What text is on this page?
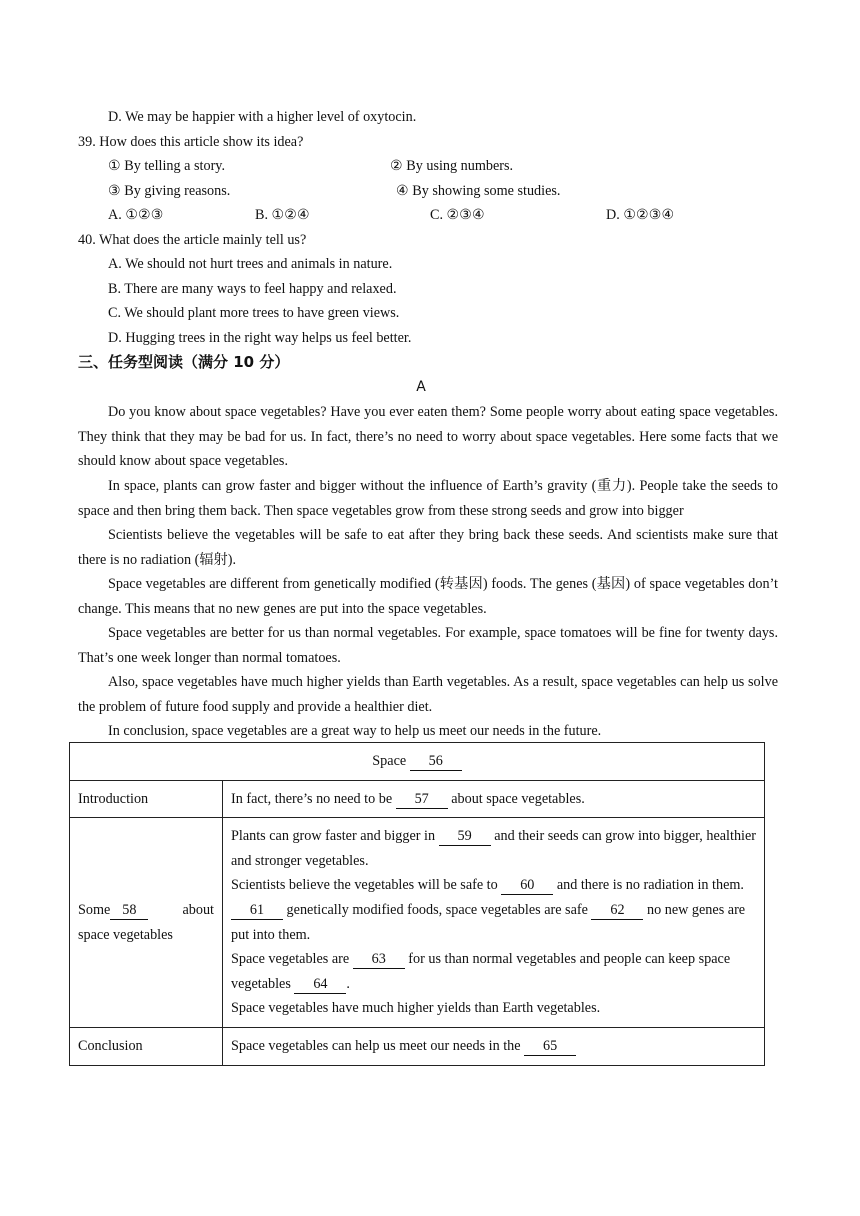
D. We may be happier with a higher level of oxytocin.
39. How does this article show its idea?
① By telling a story.	② By using numbers.
③ By giving reasons.	④ By showing some studies.
A. ①②③	B. ①②④	C. ②③④	D. ①②③④
40. What does the article mainly tell us?
A. We should not hurt trees and animals in nature.
B. There are many ways to feel happy and relaxed.
C. We should plant more trees to have green views.
D. Hugging trees in the right way helps us feel better.
三、任务型阅读（满分 10 分）
A
Do you know about space vegetables? Have you ever eaten them? Some people worry about eating space vegetables. They think that they may be bad for us. In fact, there’s no need to worry about space vegetables. Here some facts that we should know about space vegetables.
In space, plants can grow faster and bigger without the influence of Earth’s gravity (重力). People take the seeds to space and then bring them back. Then space vegetables grow from these strong seeds and grow into bigger
Scientists believe the vegetables will be safe to eat after they bring back these seeds. And scientists make sure that there is no radiation (辐射).
Space vegetables are different from genetically modified (转基因) foods. The genes (基因) of space vegetables don’t change. This means that no new genes are put into the space vegetables.
Space vegetables are better for us than normal vegetables. For example, space tomatoes will be fine for twenty days. That’s one week longer than normal tomatoes.
Also, space vegetables have much higher yields than Earth vegetables. As a result, space vegetables can help us solve the problem of future food supply and provide a healthier diet.
In conclusion, space vegetables are a great way to help us meet our needs in the future.
Space 56	
Introduction	In fact, there’s no need to be 57 about space vegetables.
Some 58 about space vegetables	Plants can grow faster and bigger in 59 and their seeds can grow into bigger, healthier and stronger vegetables.
Scientists believe the vegetables will be safe to 60 and there is no radiation in them.
61 genetically modified foods, space vegetables are safe 62 no new genes are put into them.
Space vegetables are 63 for us than normal vegetables and people can keep space vegetables 64 .
Space vegetables have much higher yields than Earth vegetables.

Conclusion	Space vegetables can help us meet our needs in the 65
